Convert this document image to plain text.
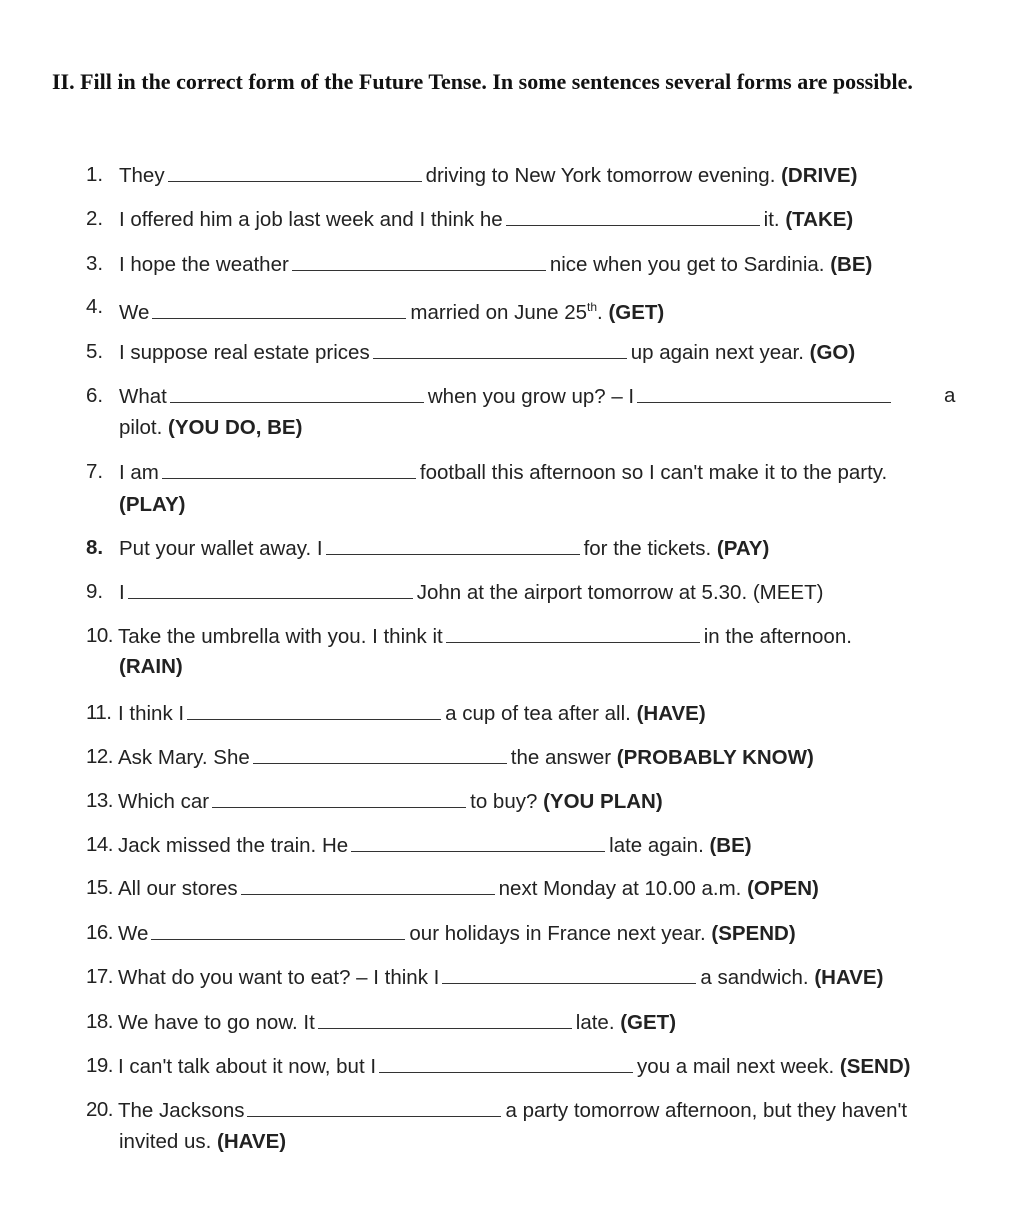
II. Fill in the correct form of the Future Tense. In some sentences several forms are possible.
1. They	driving to New York tomorrow evening. (DRIVE)
2. I offered him a job last week and I think he	it. (TAKE)
3. I hope the weather	nice when you get to Sardinia. (BE)
4. We	married on June 25th. (GET)
5. I suppose real estate prices	up again next year. (GO)
6. What	when you grow up? – I	a
pilot. (YOU DO, BE)
7. I am	football this afternoon so I can't make it to the party.
(PLAY)
8. Put your wallet away. I	for the tickets. (PAY)
9. I	John at the airport tomorrow at 5.30. (MEET)
10. Take the umbrella with you. I think it	in the afternoon.
(RAIN)
11. I think I	a cup of tea after all. (HAVE)
12. Ask Mary. She	the answer (PROBABLY KNOW)
13. Which car	to buy? (YOU PLAN)
14. Jack missed the train. He	late again. (BE)
15. All our stores	next Monday at 10.00 a.m. (OPEN)
16. We	our holidays in France next year. (SPEND)
17. What do you want to eat? – I think I	a sandwich. (HAVE)
18. We have to go now. It	late. (GET)
19. I can't talk about it now, but I	you a mail next week. (SEND)
20. The Jacksons	a party tomorrow afternoon, but they haven't
invited us. (HAVE)
